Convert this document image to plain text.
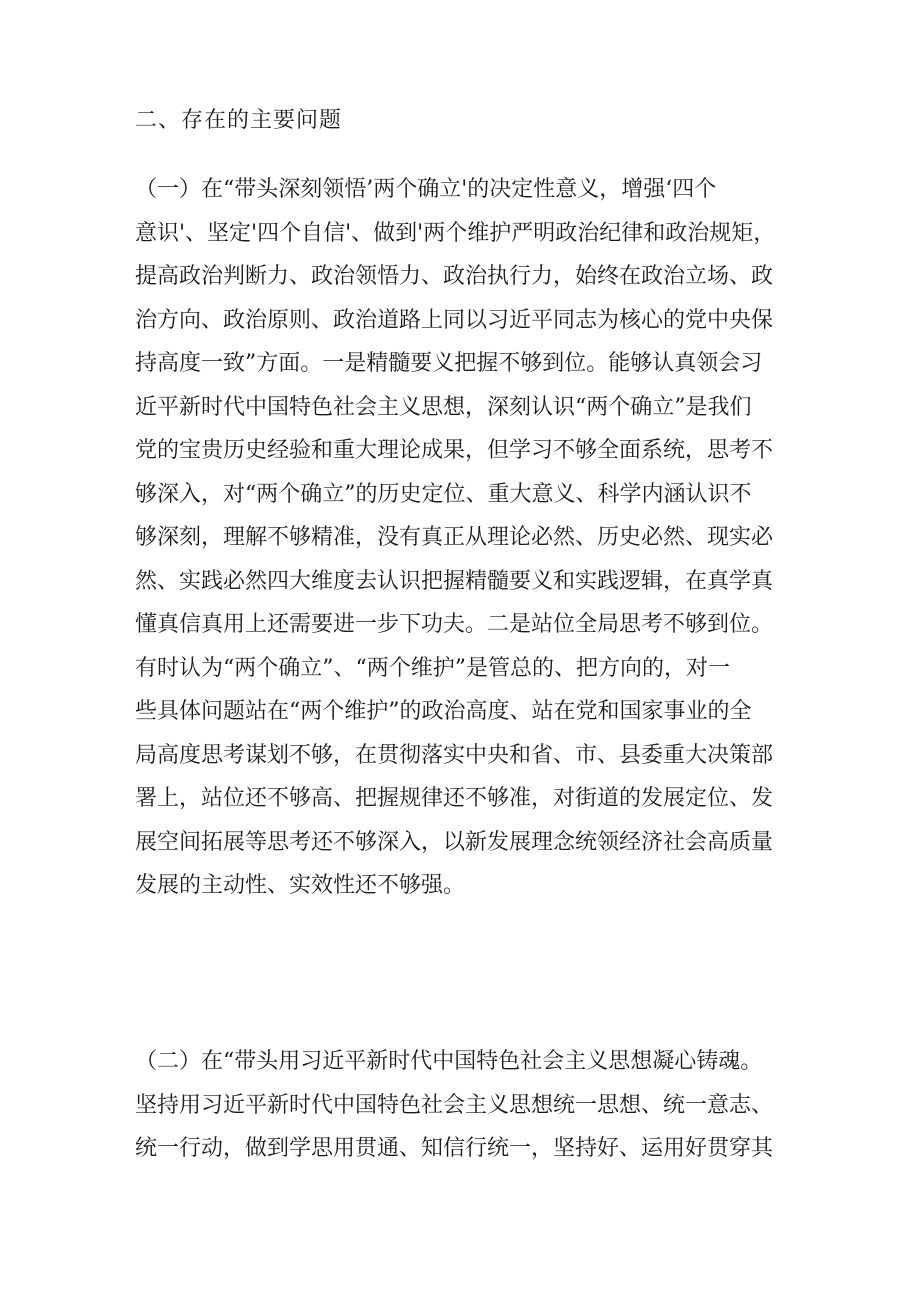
二、存在的主要问题
（一）在“带头深刻领悟’两个确立'的决定性意义，增强‘四个
意识'、坚定'四个自信'、做到'两个维护严明政治纪律和政治规矩，
提高政治判断力、政治领悟力、政治执行力，始终在政治立场、政
治方向、政治原则、政治道路上同以习近平同志为核心的党中央保
持高度一致”方面。一是精髓要义把握不够到位。能够认真领会习
近平新时代中国特色社会主义思想，深刻认识“两个确立”是我们
党的宝贵历史经验和重大理论成果，但学习不够全面系统，思考不
够深入，对“两个确立”的历史定位、重大意义、科学内涵认识不
够深刻，理解不够精准，没有真正从理论必然、历史必然、现实必
然、实践必然四大维度去认识把握精髓要义和实践逻辑，在真学真
懂真信真用上还需要进一步下功夫。二是站位全局思考不够到位。
有时认为“两个确立”、“两个维护”是管总的、把方向的，对一
些具体问题站在“两个维护”的政治高度、站在党和国家事业的全
局高度思考谋划不够，在贯彻落实中央和省、市、县委重大决策部
署上，站位还不够高、把握规律还不够准，对街道的发展定位、发
展空间拓展等思考还不够深入，以新发展理念统领经济社会高质量
发展的主动性、实效性还不够强。
（二）在“带头用习近平新时代中国特色社会主义思想凝心铸魂。
坚持用习近平新时代中国特色社会主义思想统一思想、统一意志、
统一行动，做到学思用贯通、知信行统一，坚持好、运用好贯穿其
